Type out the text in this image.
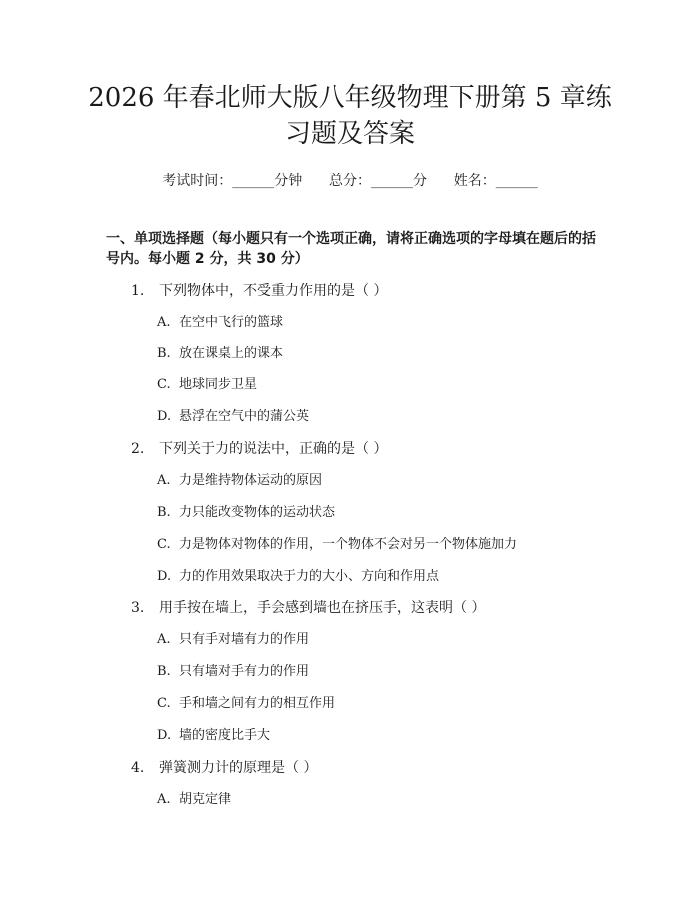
2026 年春北师大版八年级物理下册第 5 章练
习题及答案
考试时间：______分钟      总分：______分      姓名：______
一、单项选择题（每小题只有一个选项正确，请将正确选项的字母填在题后的括号内。每小题 2 分，共 30 分）
1. 下列物体中，不受重力作用的是（ ）
A. 在空中飞行的篮球
B. 放在课桌上的课本
C. 地球同步卫星
D. 悬浮在空气中的蒲公英
2. 下列关于力的说法中，正确的是（ ）
A. 力是维持物体运动的原因
B. 力只能改变物体的运动状态
C. 力是物体对物体的作用，一个物体不会对另一个物体施加力
D. 力的作用效果取决于力的大小、方向和作用点
3. 用手按在墙上，手会感到墙也在挤压手，这表明（ ）
A. 只有手对墙有力的作用
B. 只有墙对手有力的作用
C. 手和墙之间有力的相互作用
D. 墙的密度比手大
4. 弹簧测力计的原理是（ ）
A. 胡克定律
